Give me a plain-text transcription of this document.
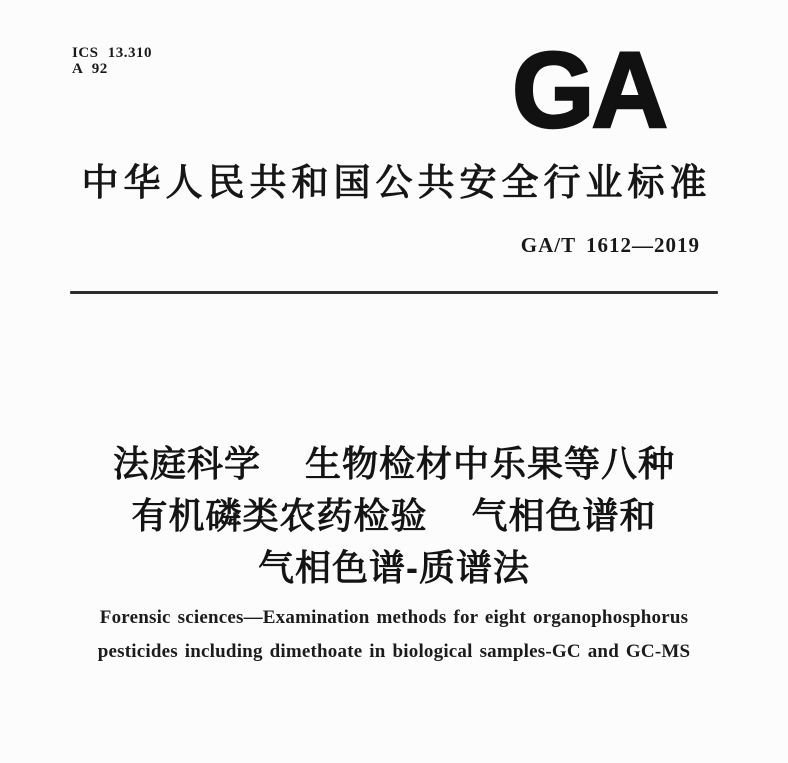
ICS 13.310
A 92	GA
中华人民共和国公共安全行业标准
GA/T 1612—2019
法庭科学 生物检材中乐果等八种
有机磷类农药检验 气相色谱和
气相色谱-质谱法
Forensic sciences—Examination methods for eight organophosphorus
pesticides including dimethoate in biological samples-GC and GC-MS
